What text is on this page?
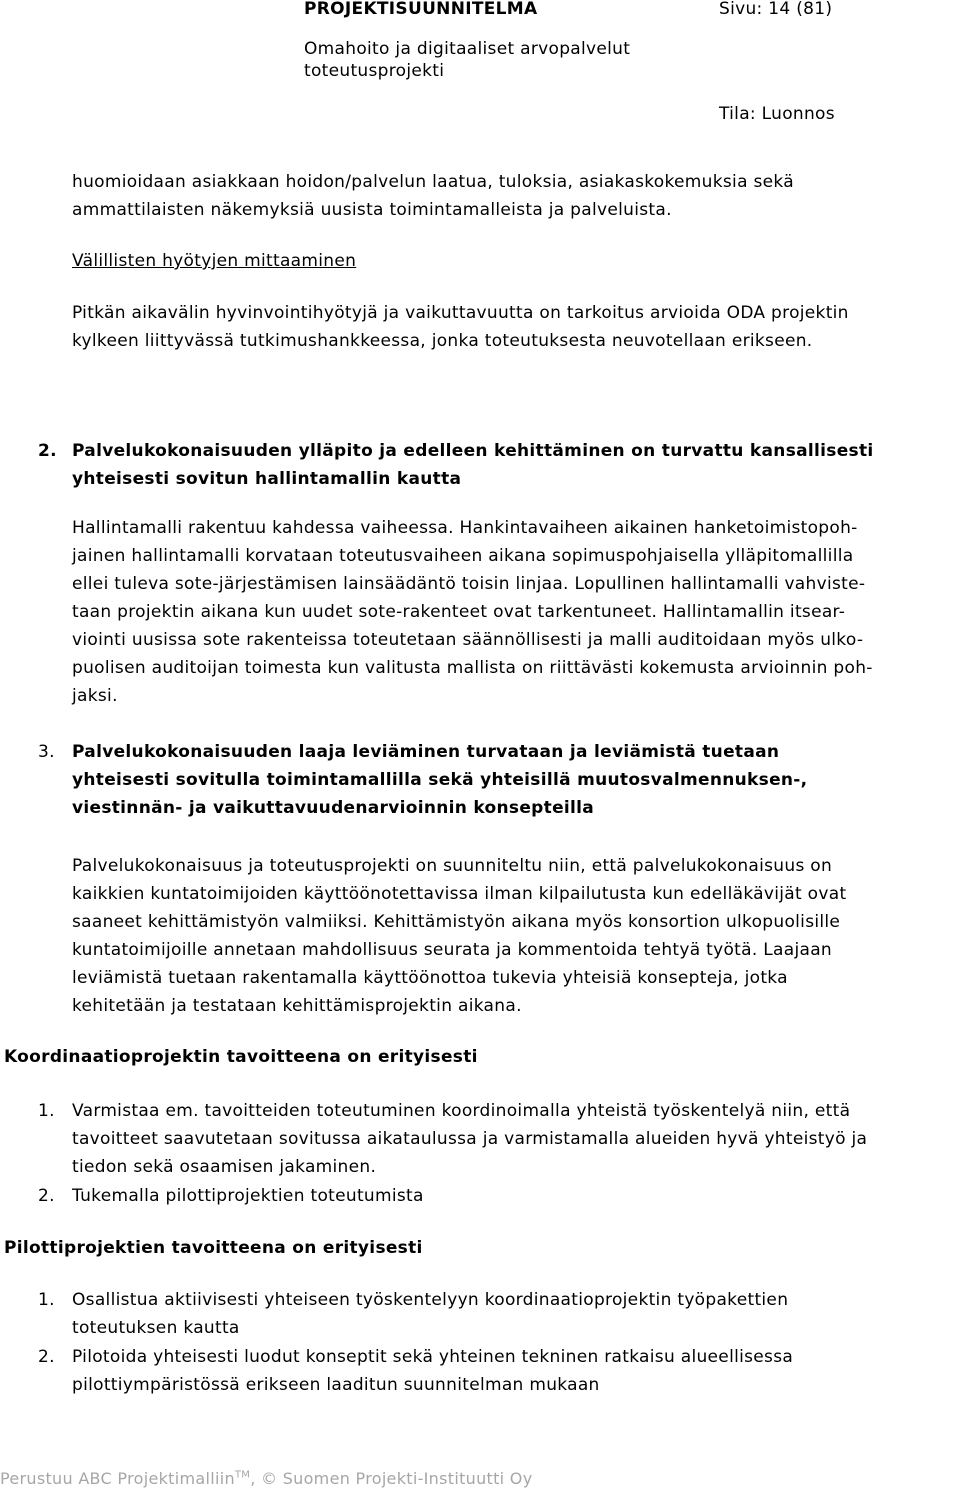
PROJEKTISUUNNITELMA	Sivu: 14 (81)
Omahoito ja digitaaliset arvopalvelut
toteutusprojekti
Tila: Luonnos
huomioidaan asiakkaan hoidon/palvelun laatua, tuloksia, asiakaskokemuksia sekä
ammattilaisten näkemyksiä uusista toimintamalleista ja palveluista.
Välillisten hyötyjen mittaaminen
Pitkän aikavälin hyvinvointihyötyjä ja vaikuttavuutta on tarkoitus arvioida ODA projektin
kylkeen liittyvässä tutkimushankkeessa, jonka toteutuksesta neuvotellaan erikseen.
2. Palvelukokonaisuuden ylläpito ja edelleen kehittäminen on turvattu kansallisesti
yhteisesti sovitun hallintamallin kautta
Hallintamalli rakentuu kahdessa vaiheessa. Hankintavaiheen aikainen hanketoimistopoh-
jainen hallintamalli korvataan toteutusvaiheen aikana sopimuspohjaisella ylläpitomallilla
ellei tuleva sote-järjestämisen lainsäädäntö toisin linjaa. Lopullinen hallintamalli vahviste-
taan projektin aikana kun uudet sote-rakenteet ovat tarkentuneet. Hallintamallin itsear-
viointi uusissa sote rakenteissa toteutetaan säännöllisesti ja malli auditoidaan myös ulko-
puolisen auditoijan toimesta kun valitusta mallista on riittävästi kokemusta arvioinnin poh-
jaksi.
3. Palvelukokonaisuuden laaja leviäminen turvataan ja leviämistä tuetaan
yhteisesti sovitulla toimintamallilla sekä yhteisillä muutosvalmennuksen-,
viestinnän- ja vaikuttavuudenarvioinnin konsepteilla
Palvelukokonaisuus ja toteutusprojekti on suunniteltu niin, että palvelukokonaisuus on
kaikkien kuntatoimijoiden käyttöönotettavissa ilman kilpailutusta kun edelläkävijät ovat
saaneet kehittämistyön valmiiksi. Kehittämistyön aikana myös konsortion ulkopuolisille
kuntatoimijoille annetaan mahdollisuus seurata ja kommentoida tehtyä työtä. Laajaan
leviämistä tuetaan rakentamalla käyttöönottoa tukevia yhteisiä konsepteja, jotka
kehitetään ja testataan kehittämisprojektin aikana.
Koordinaatioprojektin tavoitteena on erityisesti
1. Varmistaa em. tavoitteiden toteutuminen koordinoimalla yhteistä työskentelyä niin, että
tavoitteet saavutetaan sovitussa aikataulussa ja varmistamalla alueiden hyvä yhteistyö ja
tiedon sekä osaamisen jakaminen.
2. Tukemalla pilottiprojektien toteutumista
Pilottiprojektien tavoitteena on erityisesti
1. Osallistua aktiivisesti yhteiseen työskentelyyn koordinaatioprojektin työpakettien
toteutuksen kautta
2. Pilotoida yhteisesti luodut konseptit sekä yhteinen tekninen ratkaisu alueellisessa
pilottiympäristössä erikseen laaditun suunnitelman mukaan
Perustuu ABC Projektimalliin™, © Suomen Projekti-Instituutti Oy
